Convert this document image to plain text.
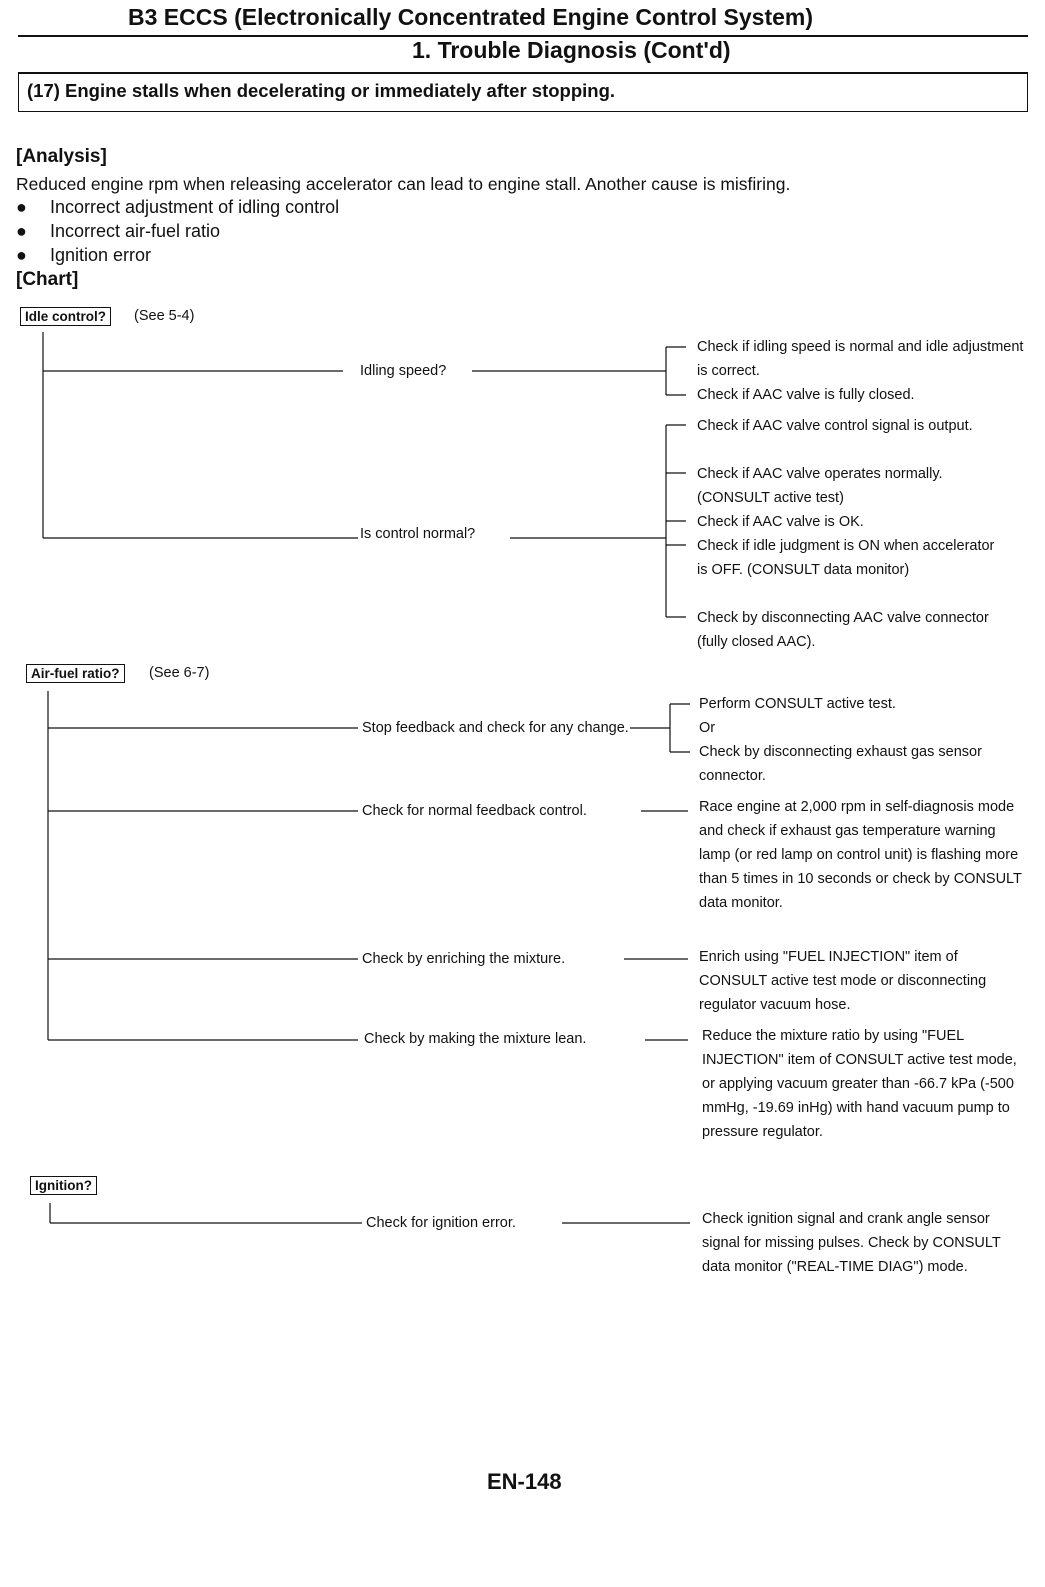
B3 ECCS (Electronically Concentrated Engine Control System)
1. Trouble Diagnosis (Cont'd)
(17) Engine stalls when decelerating or immediately after stopping.
[Analysis]
Reduced engine rpm when releasing accelerator can lead to engine stall. Another cause is misfiring.
● Incorrect adjustment of idling control
● Incorrect air-fuel ratio
● Ignition error
[Chart]
Idle control?	(See 5-4)
Idling speed?
Check if idling speed is normal and idle adjustment is correct.
Check if AAC valve is fully closed.
Is control normal?
Check if AAC valve control signal is output.
Check if AAC valve operates normally. (CONSULT active test)
Check if AAC valve is OK.
Check if idle judgment is ON when accelerator is OFF. (CONSULT data monitor)
Check by disconnecting AAC valve connector (fully closed AAC).
Air-fuel ratio?	(See 6-7)
Stop feedback and check for any change.
Perform CONSULT active test.
Or
Check by disconnecting exhaust gas sensor connector.
Check for normal feedback control.	Race engine at 2,000 rpm in self-diagnosis mode and check if exhaust gas temperature warning lamp (or red lamp on control unit) is flashing more than 5 times in 10 seconds or check by CONSULT data monitor.
Check by enriching the mixture.	Enrich using "FUEL INJECTION" item of CONSULT active test mode or disconnecting regulator vacuum hose.
Check by making the mixture lean.	Reduce the mixture ratio by using "FUEL INJECTION" item of CONSULT active test mode, or applying vacuum greater than -66.7 kPa (-500 mmHg, -19.69 inHg) with hand vacuum pump to pressure regulator.
Ignition?
Check for ignition error.	Check ignition signal and crank angle sensor signal for missing pulses. Check by CONSULT data monitor ("REAL-TIME DIAG") mode.
EN-148
